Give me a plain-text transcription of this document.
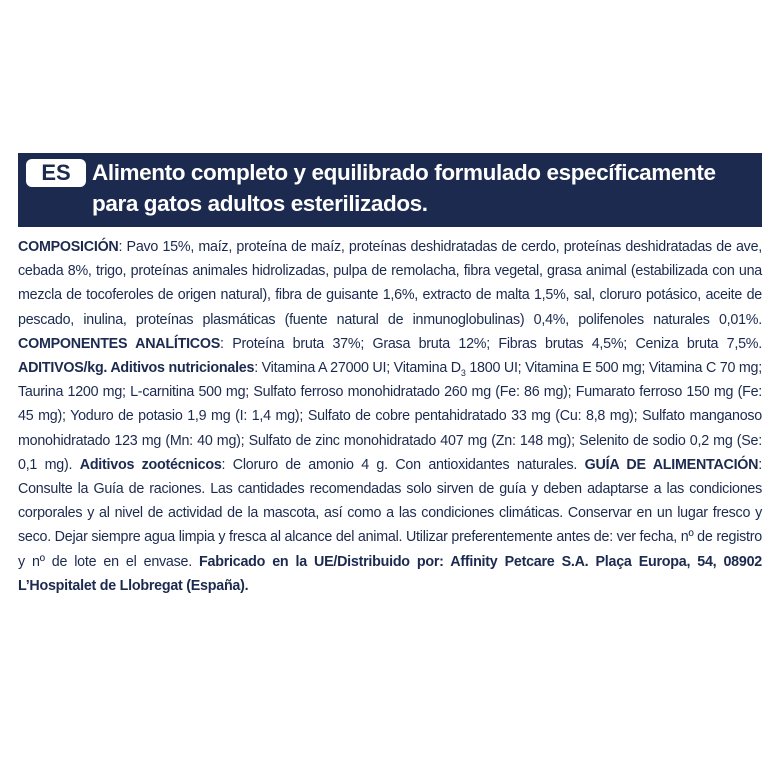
ES Alimento completo y equilibrado formulado específicamente
para gatos adultos esterilizados.
COMPOSICIÓN: Pavo 15%, maíz, proteína de maíz, proteínas deshidratadas de cerdo, proteínas deshidratadas de ave, cebada 8%, trigo, proteínas animales hidrolizadas, pulpa de remolacha, fibra vegetal, grasa animal (estabilizada con una mezcla de tocoferoles de origen natural), fibra de guisante 1,6%, extracto de malta 1,5%, sal, cloruro potásico, aceite de pescado, inulina, proteínas plasmáticas (fuente natural de inmunoglobulinas) 0,4%, polifenoles naturales 0,01%. COMPONENTES ANALÍTICOS: Proteína bruta 37%; Grasa bruta 12%; Fibras brutas 4,5%; Ceniza bruta 7,5%. ADITIVOS/kg. Aditivos nutricionales: Vitamina A 27000 UI; Vitamina $D_3$ 1800 UI; Vitamina E 500 mg; Vitamina C 70 mg; Taurina 1200 mg; L-carnitina 500 mg; Sulfato ferroso monohidratado 260 mg (Fe: 86 mg); Fumarato ferroso 150 mg (Fe: 45 mg); Yoduro de potasio 1,9 mg (I: 1,4 mg); Sulfato de cobre pentahidratado 33 mg (Cu: 8,8 mg); Sulfato manganoso monohidratado 123 mg (Mn: 40 mg); Sulfato de zinc monohidratado 407 mg (Zn: 148 mg); Selenito de sodio 0,2 mg (Se: 0,1 mg). Aditivos zootécnicos: Cloruro de amonio 4 g. Con antioxidantes naturales. GUÍA DE ALIMENTACIÓN: Consulte la Guía de raciones. Las cantidades recomendadas solo sirven de guía y deben adaptarse a las condiciones corporales y al nivel de actividad de la mascota, así como a las condiciones climáticas. Conservar en un lugar fresco y seco. Dejar siempre agua limpia y fresca al alcance del animal. Utilizar preferentemente antes de: ver fecha, nº de registro y nº de lote en el envase. Fabricado en la UE/Distribuido por: Affinity Petcare S.A. Plaça Europa, 54, 08902 L’Hospitalet de Llobregat (España).
